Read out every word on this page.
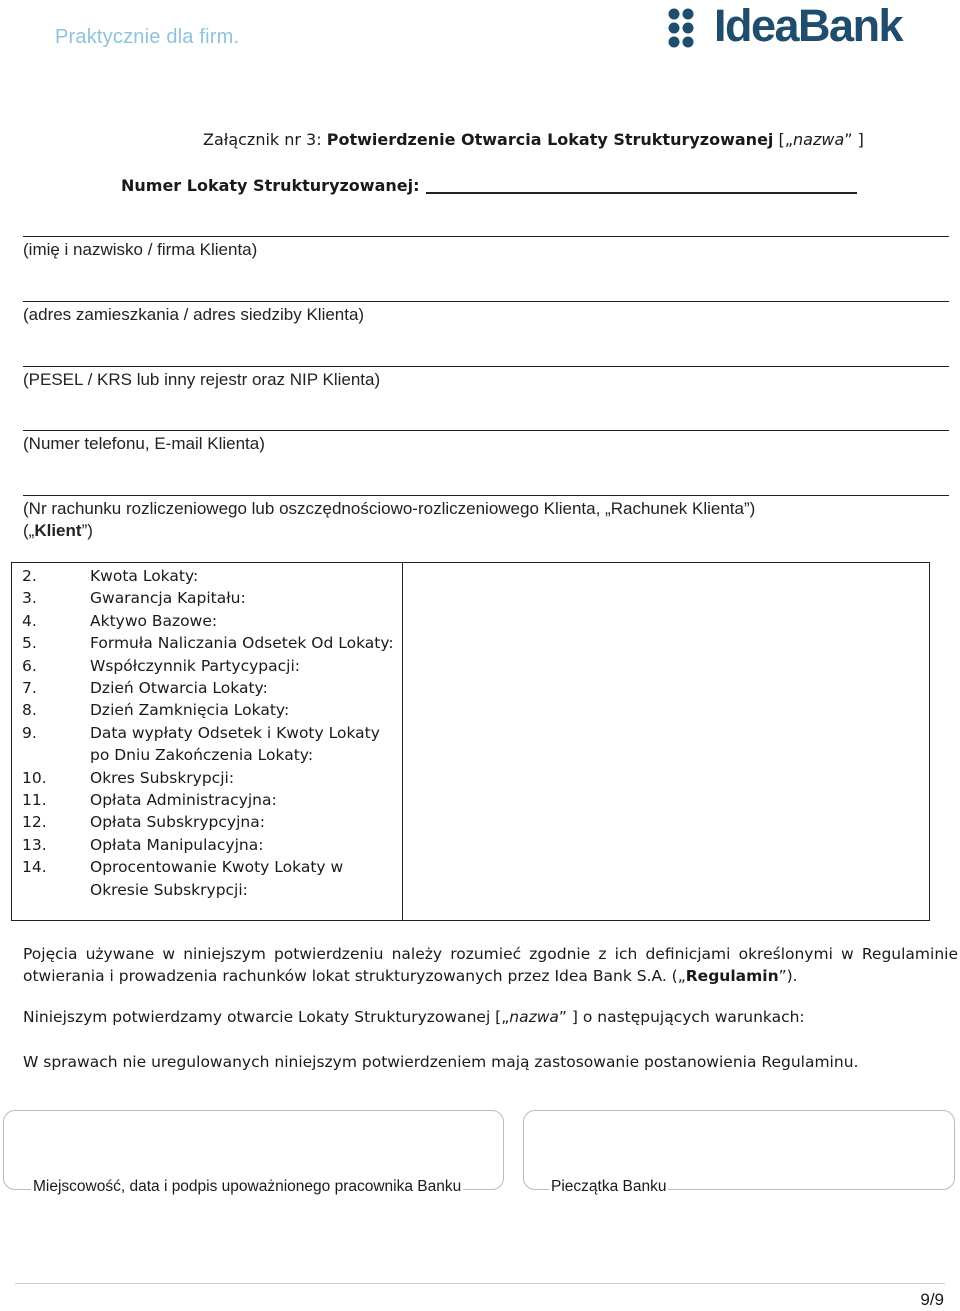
Praktycznie dla firm.	IdeaBank
Załącznik nr 3: Potwierdzenie Otwarcia Lokaty Strukturyzowanej [„nazwa” ]
Numer Lokaty Strukturyzowanej:
(imię i nazwisko / firma Klienta)
(adres zamieszkania / adres siedziby Klienta)
(PESEL / KRS lub inny rejestr oraz NIP Klienta)
(Numer telefonu, E-mail Klienta)
(Nr rachunku rozliczeniowego lub oszczędnościowo-rozliczeniowego Klienta, „Rachunek Klienta”)
(„Klient”)
2.	Kwota Lokaty:
3.	Gwarancja Kapitału:
4.	Aktywo Bazowe:
5.	Formuła Naliczania Odsetek Od Lokaty:
6.	Współczynnik Partycypacji:
7.	Dzień Otwarcia Lokaty:
8.	Dzień Zamknięcia Lokaty:
9.	Data wypłaty Odsetek i Kwoty Lokaty po Dniu Zakończenia Lokaty:
10.	Okres Subskrypcji:
11.	Opłata Administracyjna:
12.	Opłata Subskrypcyjna:
13.	Opłata Manipulacyjna:
14.	Oprocentowanie Kwoty Lokaty w Okresie Subskrypcji:

Pojęcia używane w niniejszym potwierdzeniu należy rozumieć zgodnie z ich definicjami określonymi w Regulaminie otwierania i prowadzenia rachunków lokat strukturyzowanych przez Idea Bank S.A. („Regulamin”).
Niniejszym potwierdzamy otwarcie Lokaty Strukturyzowanej [„nazwa” ] o następujących warunkach:
W sprawach nie uregulowanych niniejszym potwierdzeniem mają zastosowanie postanowienia Regulaminu.
Miejscowość, data i podpis upoważnionego pracownika Banku	Pieczątka Banku
9/9
